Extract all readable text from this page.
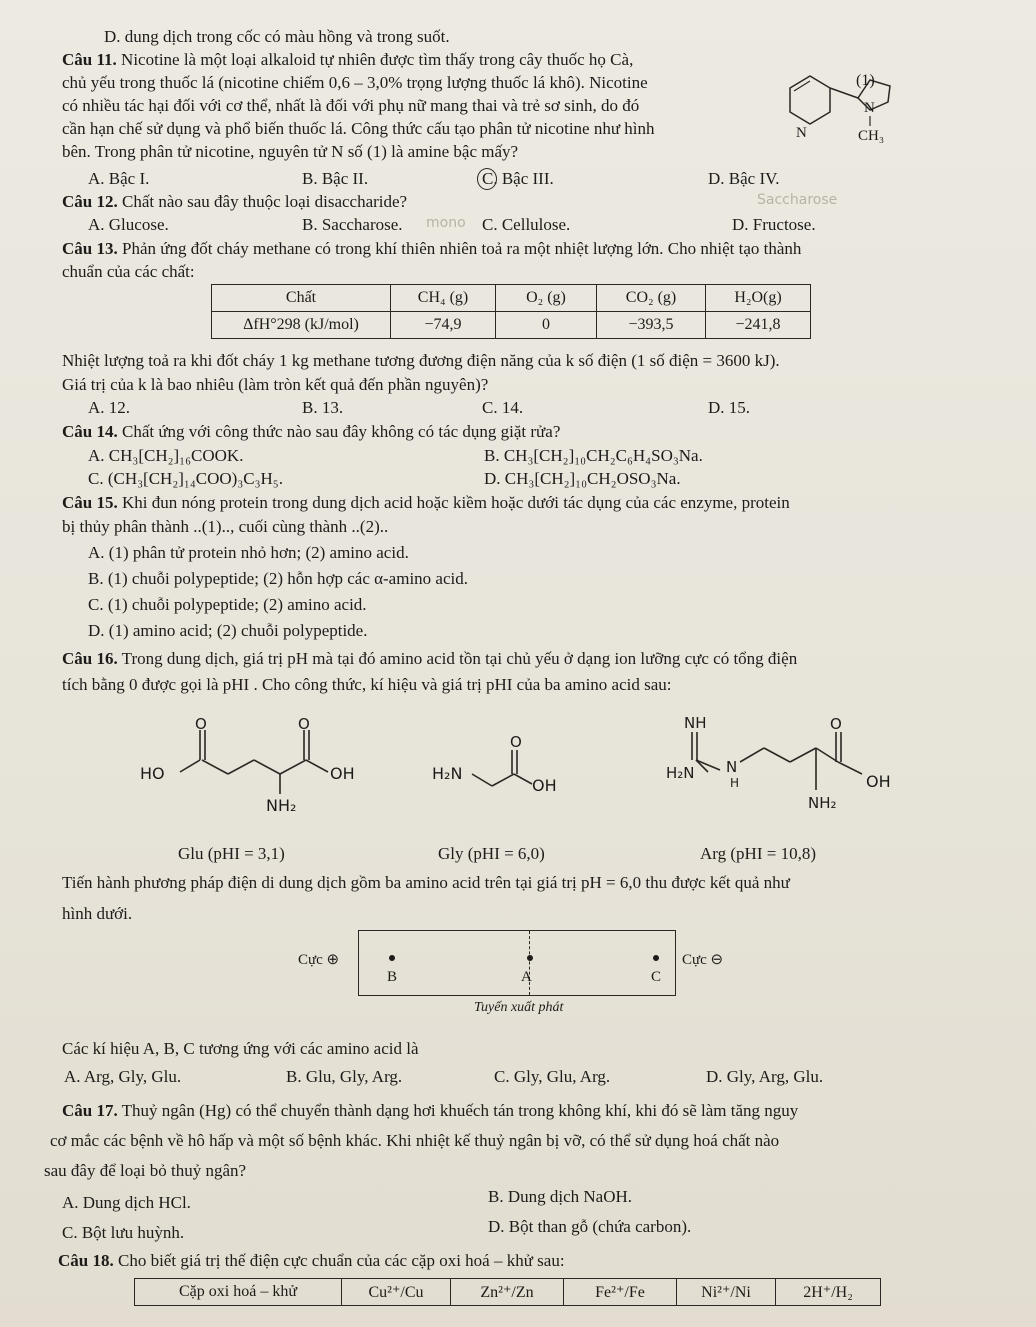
D. dung dịch trong cốc có màu hồng và trong suốt.
Câu 11. Nicotine là một loại alkaloid tự nhiên được tìm thấy trong cây thuốc họ Cà,
chủ yếu trong thuốc lá (nicotine chiếm 0,6 – 3,0% trọng lượng thuốc lá khô). Nicotine
có nhiều tác hại đối với cơ thể, nhất là đối với phụ nữ mang thai và trẻ sơ sinh, do đó
cần hạn chế sử dụng và phổ biến thuốc lá. Công thức cấu tạo phân tử nicotine như hình
bên. Trong phân tử nicotine, nguyên tử N số (1) là amine bậc mấy?
(1)
N
N	CH₃
A. Bậc I.	B. Bậc II.	C. Bậc III.	D. Bậc IV.
Câu 12. Chất nào sau đây thuộc loại disaccharide?	Saccharose
A. Glucose.	B. Saccharose. mono C. Cellulose.	D. Fructose.
Câu 13. Phản ứng đốt cháy methane có trong khí thiên nhiên toả ra một nhiệt lượng lớn. Cho nhiệt tạo thành
chuẩn của các chất:
Chất	CH₄ (g)	O₂ (g)	CO₂ (g)	H₂O(g)
ΔfH°298 (kJ/mol)	−74,9	0	−393,5	−241,8
Nhiệt lượng toả ra khi đốt cháy 1 kg methane tương đương điện năng của k số điện (1 số điện = 3600 kJ).
Giá trị của k là bao nhiêu (làm tròn kết quả đến phần nguyên)?
A. 12.	B. 13.	C. 14.	D. 15.
Câu 14. Chất ứng với công thức nào sau đây không có tác dụng giặt rửa?
A. CH₃[CH₂]₁₆COOK.	B. CH₃[CH₂]₁₀CH₂C₆H₄SO₃Na.
C. (CH₃[CH₂]₁₄COO)₃C₃H₅.	D. CH₃[CH₂]₁₀CH₂OSO₃Na.
Câu 15. Khi đun nóng protein trong dung dịch acid hoặc kiềm hoặc dưới tác dụng của các enzyme, protein
bị thủy phân thành ..(1).., cuối cùng thành ..(2)..
A. (1) phân tử protein nhỏ hơn; (2) amino acid.
B. (1) chuỗi polypeptide; (2) hỗn hợp các α-amino acid.
C. (1) chuỗi polypeptide; (2) amino acid.
D. (1) amino acid; (2) chuỗi polypeptide.
Câu 16. Trong dung dịch, giá trị pH mà tại đó amino acid tồn tại chủ yếu ở dạng ion lưỡng cực có tổng điện
tích bằng 0 được gọi là pHI . Cho công thức, kí hiệu và giá trị pHI của ba amino acid sau:
O	O
HO	OH
NH₂
O
H₂N
OH
NH	O
H₂N N
H	OH
NH₂
Glu (pHI = 3,1)	Gly (pHI = 6,0)	Arg (pHI = 10,8)
Tiến hành phương pháp điện di dung dịch gồm ba amino acid trên tại giá trị pH = 6,0 thu được kết quả như
hình dưới.
B	A	C
Cực ⊕	Cực ⊖
Tuyến xuất phát
Các kí hiệu A, B, C tương ứng với các amino acid là
A. Arg, Gly, Glu.	B. Glu, Gly, Arg.	C. Gly, Glu, Arg.	D. Gly, Arg, Glu.
Câu 17. Thuỷ ngân (Hg) có thể chuyển thành dạng hơi khuếch tán trong không khí, khi đó sẽ làm tăng nguy
cơ mắc các bệnh về hô hấp và một số bệnh khác. Khi nhiệt kế thuỷ ngân bị vỡ, có thể sử dụng hoá chất nào
sau đây để loại bỏ thuỷ ngân?
A. Dung dịch HCl.	B. Dung dịch NaOH.
C. Bột lưu huỳnh.	D. Bột than gỗ (chứa carbon).
Câu 18. Cho biết giá trị thế điện cực chuẩn của các cặp oxi hoá – khử sau:
Cặp oxi hoá – khử	Cu²⁺/Cu	Zn²⁺/Zn	Fe²⁺/Fe	Ni²⁺/Ni	2H⁺/H₂
